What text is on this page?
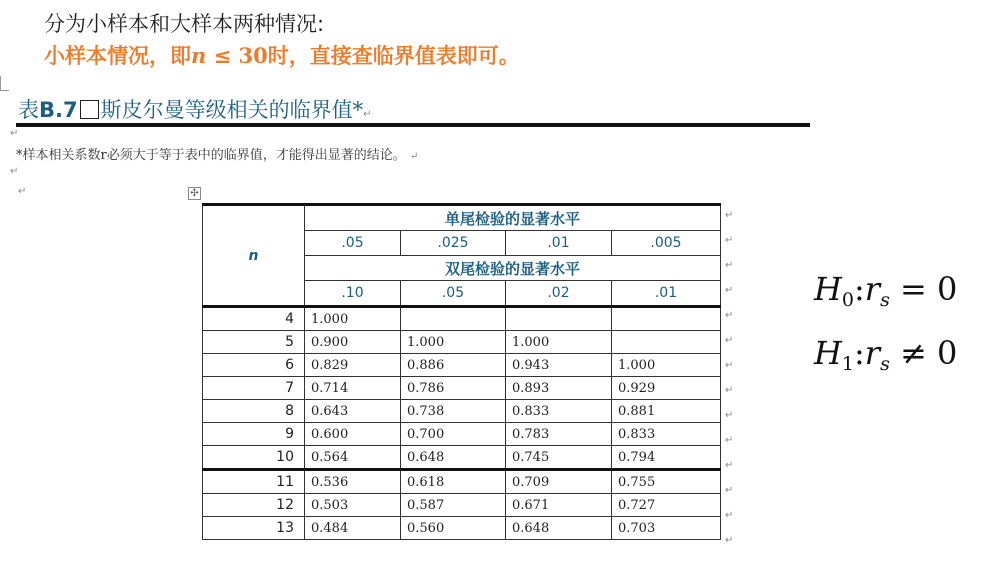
分为小样本和大样本两种情况:
小样本情况，即n ≤ 30时，直接查临界值表即可。
表B.7 斯皮尔曼等级相关的临界值*↵
↵
*样本相关系数r必须大于等于表中的临界值，才能得出显著的结论。 ↵
↵
↵	✣
n	单尾检验的显著水平			
	.05	.025	.01	.005
	双尾检验的显著水平			
	.10	.05	.02	.01
4	1.000			
5	0.900	1.000	1.000	
6	0.829	0.886	0.943	1.000
7	0.714	0.786	0.893	0.929
8	0.643	0.738	0.833	0.881
9	0.600	0.700	0.783	0.833
10	0.564	0.648	0.745	0.794
11	0.536	0.618	0.709	0.755
12	0.503	0.587	0.671	0.727
13	0.484	0.560	0.648	0.703
↵
↵
↵
↵
↵
↵
↵
↵
↵
↵
↵
↵
↵
↵
$H_0:r_s = 0$
$H_1:r_s \ne 0$
